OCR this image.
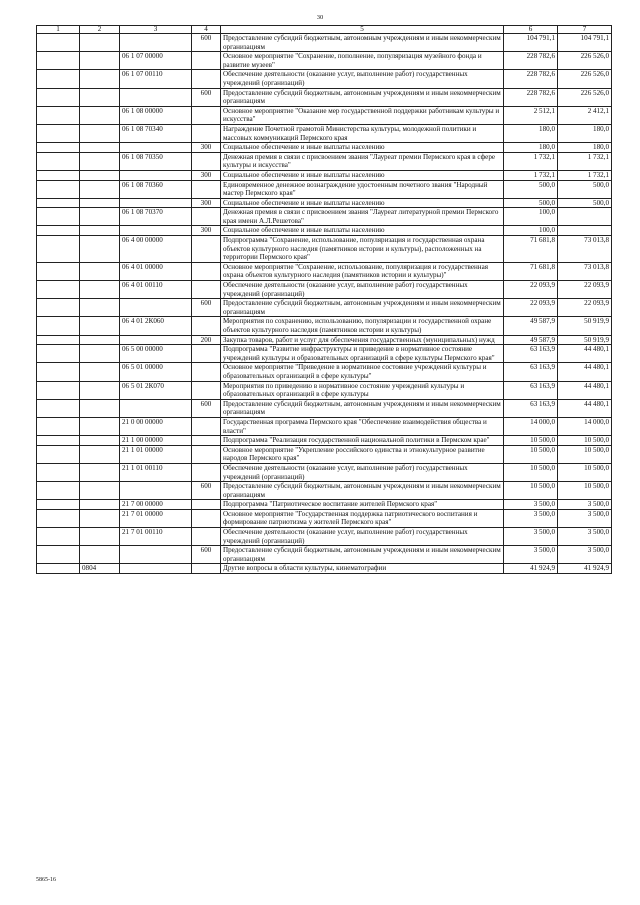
30
1	2	3	4	5	6	7
			600	Предоставление субсидий бюджетным, автономным учреждениям и иным некоммерческим организациям	104 791,1	104 791,1
		06 1 07 00000		Основное мероприятие "Сохранение, пополнение, популяризация музейного фонда и развитие музеев"	228 782,6	226 526,0
		06 1 07 00110		Обеспечение деятельности (оказание услуг, выполнение работ) государственных учреждений (организаций)	228 782,6	226 526,0
			600	Предоставление субсидий бюджетным, автономным учреждениям и иным некоммерческим организациям	228 782,6	226 526,0
		06 1 08 00000		Основное мероприятие "Оказание мер государственной поддержки работникам культуры и искусства"	2 512,1	2 412,1
		06 1 08 70340		Награждение Почетной грамотой Министерства культуры, молодежной политики и массовых коммуникаций Пермского края	180,0	180,0
			300	Социальное обеспечение и иные выплаты населению	180,0	180,0
		06 1 08 70350		Денежная премия в связи с присвоением звания "Лауреат премии Пермского края в сфере культуры и искусства"	1 732,1	1 732,1
			300	Социальное обеспечение и иные выплаты населению	1 732,1	1 732,1
		06 1 08 70360		Единовременное денежное вознаграждение удостоенным почетного звания "Народный мастер Пермского края"	500,0	500,0
			300	Социальное обеспечение и иные выплаты населению	500,0	500,0
		06 1 08 70370		Денежная премия в связи с присвоением звания "Лауреат литературной премии Пермского края имени А.Л.Решетова"	100,0	
			300	Социальное обеспечение и иные выплаты населению	100,0	
		06 4 00 00000		Подпрограмма "Сохранение, использование, популяризация и государственная охрана объектов культурного наследия (памятников истории и культуры), расположенных на территории Пермского края"	71 681,8	73 013,8
		06 4 01 00000		Основное мероприятие "Сохранение, использование, популяризация и государственная охрана объектов культурного наследия (памятников истории и культуры)"	71 681,8	73 013,8
		06 4 01 00110		Обеспечение деятельности (оказание услуг, выполнение работ) государственных учреждений (организаций)	22 093,9	22 093,9
			600	Предоставление субсидий бюджетным, автономным учреждениям и иным некоммерческим организациям	22 093,9	22 093,9
		06 4 01 2К060		Мероприятия по сохранению, использованию, популяризации и государственной охране объектов культурного наследия (памятников истории и культуры)	49 587,9	50 919,9
			200	Закупка товаров, работ и услуг для обеспечения государственных (муниципальных) нужд	49 587,9	50 919,9
		06 5 00 00000		Подпрограмма "Развитие инфраструктуры и приведение в нормативное состояние учреждений культуры и образовательных организаций в сфере культуры Пермского края"	63 163,9	44 480,1
		06 5 01 00000		Основное мероприятие "Приведение в нормативное состояние учреждений культуры и образовательных организаций в сфере культуры"	63 163,9	44 480,1
		06 5 01 2К070		Мероприятия по приведению в нормативное состояние учреждений культуры и образовательных организаций в сфере культуры	63 163,9	44 480,1
			600	Предоставление субсидий бюджетным, автономным учреждениям и иным некоммерческим организациям	63 163,9	44 480,1
		21 0 00 00000		Государственная программа Пермского края "Обеспечение взаимодействия общества и власти"	14 000,0	14 000,0
		21 1 00 00000		Подпрограмма "Реализация государственной национальной политики в Пермском крае"	10 500,0	10 500,0
		21 1 01 00000		Основное мероприятие "Укрепление российского единства и этнокультурное развитие народов Пермского края"	10 500,0	10 500,0
		21 1 01 00110		Обеспечение деятельности (оказание услуг, выполнение работ) государственных учреждений (организаций)	10 500,0	10 500,0
			600	Предоставление субсидий бюджетным, автономным учреждениям и иным некоммерческим организациям	10 500,0	10 500,0
		21 7 00 00000		Подпрограмма "Патриотическое воспитание жителей Пермского края"	3 500,0	3 500,0
		21 7 01 00000		Основное мероприятие "Государственная поддержка патриотического воспитания и формирование патриотизма у жителей Пермского края"	3 500,0	3 500,0
		21 7 01 00110		Обеспечение деятельности (оказание услуг, выполнение работ) государственных учреждений (организаций)	3 500,0	3 500,0
			600	Предоставление субсидий бюджетным, автономным учреждениям и иным некоммерческим организациям	3 500,0	3 500,0
	0804			Другие вопросы в области культуры, кинематографии	41 924,9	41 924,9
5865-16
